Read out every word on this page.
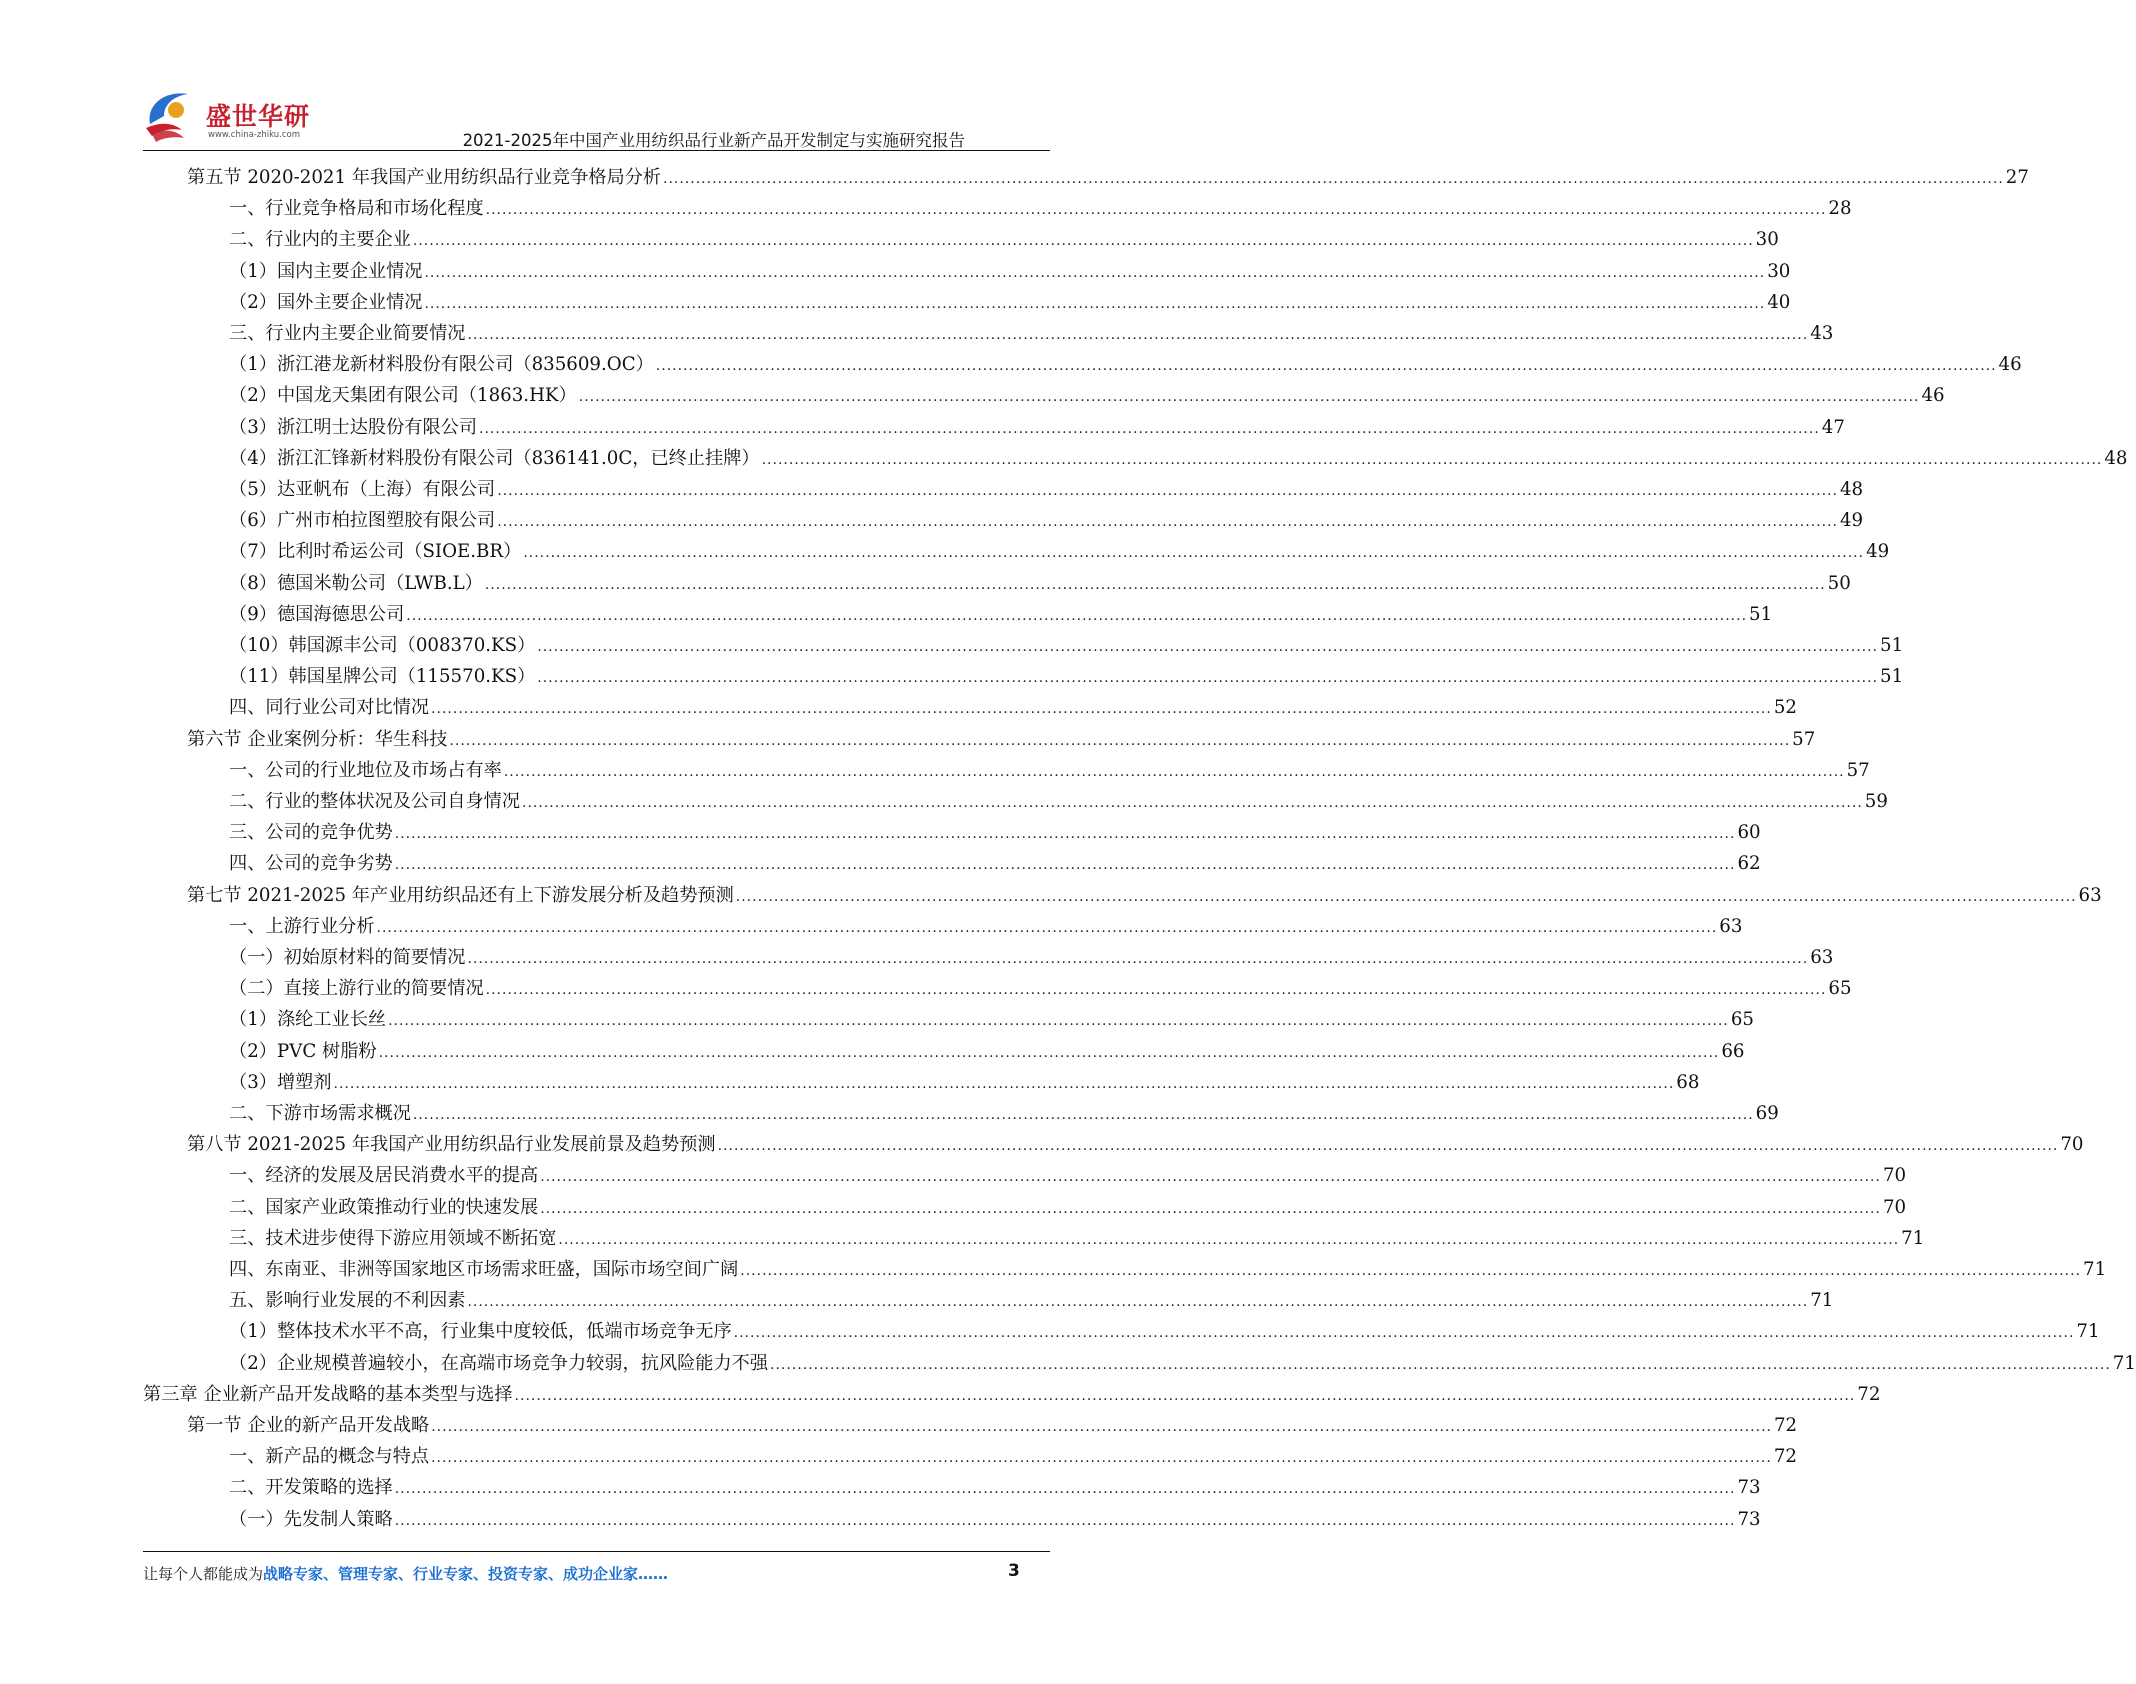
盛世华研
www.china-zhiku.com	2021-2025年中国产业用纺织品行业新产品开发制定与实施研究报告
第五节 2020-2021 年我国产业用纺织品行业竞争格局分析 .....	27
一、行业竞争格局和市场化程度 .....	28
二、行业内的主要企业 .....	30
（1）国内主要企业情况 .....	30
（2）国外主要企业情况 .....	40
三、行业内主要企业简要情况 .....	43
（1）浙江港龙新材料股份有限公司（835609.OC） .....	46
（2）中国龙天集团有限公司（1863.HK） .....	46
（3）浙江明士达股份有限公司 .....	47
（4）浙江汇锋新材料股份有限公司（836141.0C，已终止挂牌） .....	48
（5）达亚帆布（上海）有限公司 .....	48
（6）广州市柏拉图塑胶有限公司 .....	49
（7）比利时希运公司（SIOE.BR） .....	49
（8）德国米勒公司（LWB.L） .....	50
（9）德国海德思公司 .....	51
（10）韩国源丰公司（008370.KS） .....	51
（11）韩国星牌公司（115570.KS） .....	51
四、同行业公司对比情况 .....	52
第六节 企业案例分析：华生科技 .....	57
一、公司的行业地位及市场占有率 .....	57
二、行业的整体状况及公司自身情况 .....	59
三、公司的竞争优势 .....	60
四、公司的竞争劣势 .....	62
第七节 2021-2025 年产业用纺织品还有上下游发展分析及趋势预测 .....	63
一、上游行业分析 .....	63
（一）初始原材料的简要情况 .....	63
（二）直接上游行业的简要情况 .....	65
（1）涤纶工业长丝 .....	65
（2）PVC 树脂粉 .....	66
（3）增塑剂 .....	68
二、下游市场需求概况 .....	69
第八节 2021-2025 年我国产业用纺织品行业发展前景及趋势预测 .....	70
一、经济的发展及居民消费水平的提高 .....	70
二、国家产业政策推动行业的快速发展 .....	70
三、技术进步使得下游应用领域不断拓宽 .....	71
四、东南亚、非洲等国家地区市场需求旺盛，国际市场空间广阔 .....	71
五、影响行业发展的不利因素 .....	71
（1）整体技术水平不高，行业集中度较低，低端市场竞争无序 .....	71
（2）企业规模普遍较小，在高端市场竞争力较弱，抗风险能力不强 .....	71
第三章 企业新产品开发战略的基本类型与选择 .....	72
第一节 企业的新产品开发战略 .....	72
一、新产品的概念与特点 .....	72
二、开发策略的选择 .....	73
（一）先发制人策略 .....	73
让每个人都能成为战略专家、管理专家、行业专家、投资专家、成功企业家……	3
